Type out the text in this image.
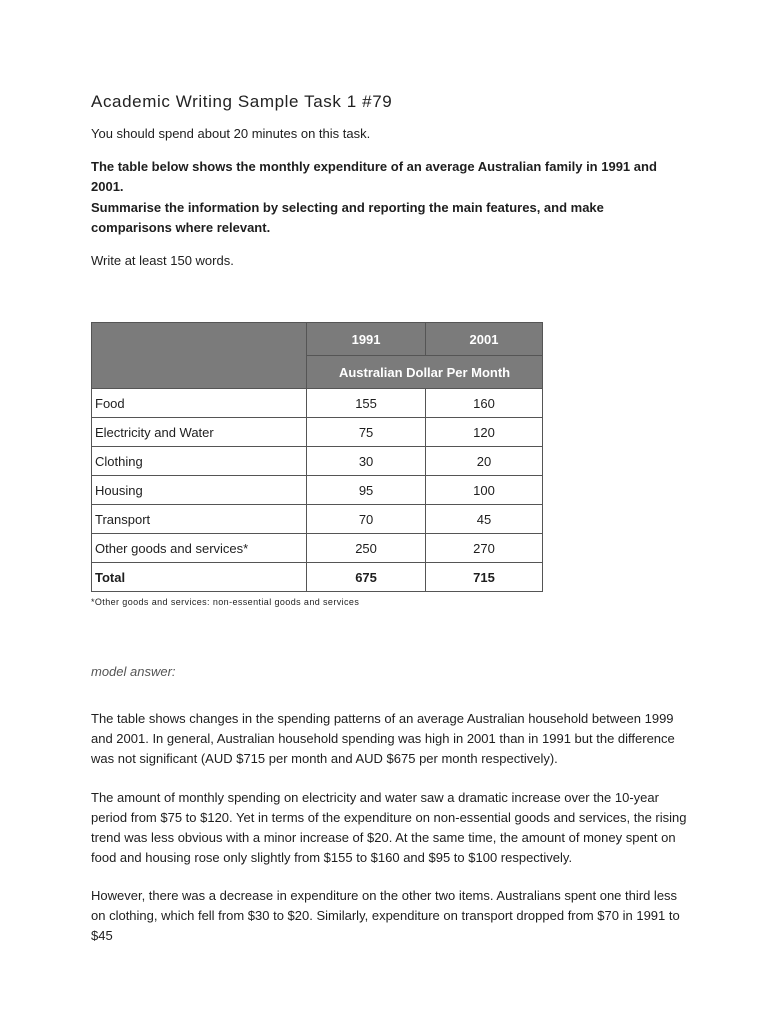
Academic Writing Sample Task 1 #79
You should spend about 20 minutes on this task.
The table below shows the monthly expenditure of an average Australian family in 1991 and 2001.
Summarise the information by selecting and reporting the main features, and make comparisons where relevant.
Write at least 150 words.
	1991	2001
	Australian Dollar Per Month	
Food	155	160
Electricity and Water	75	120
Clothing	30	20
Housing	95	100
Transport	70	45
Other goods and services*	250	270
Total	675	715
*Other goods and services: non-essential goods and services
model answer:
The table shows changes in the spending patterns of an average Australian household between 1999 and 2001. In general, Australian household spending was high in 2001 than in 1991 but the difference was not significant (AUD $715 per month and AUD $675 per month respectively).
The amount of monthly spending on electricity and water saw a dramatic increase over the 10-year period from $75 to $120. Yet in terms of the expenditure on non-essential goods and services, the rising trend was less obvious with a minor increase of $20. At the same time, the amount of money spent on food and housing rose only slightly from $155 to $160 and $95 to $100 respectively.
However, there was a decrease in expenditure on the other two items. Australians spent one third less on clothing, which fell from $30 to $20. Similarly, expenditure on transport dropped from $70 in 1991 to $45
